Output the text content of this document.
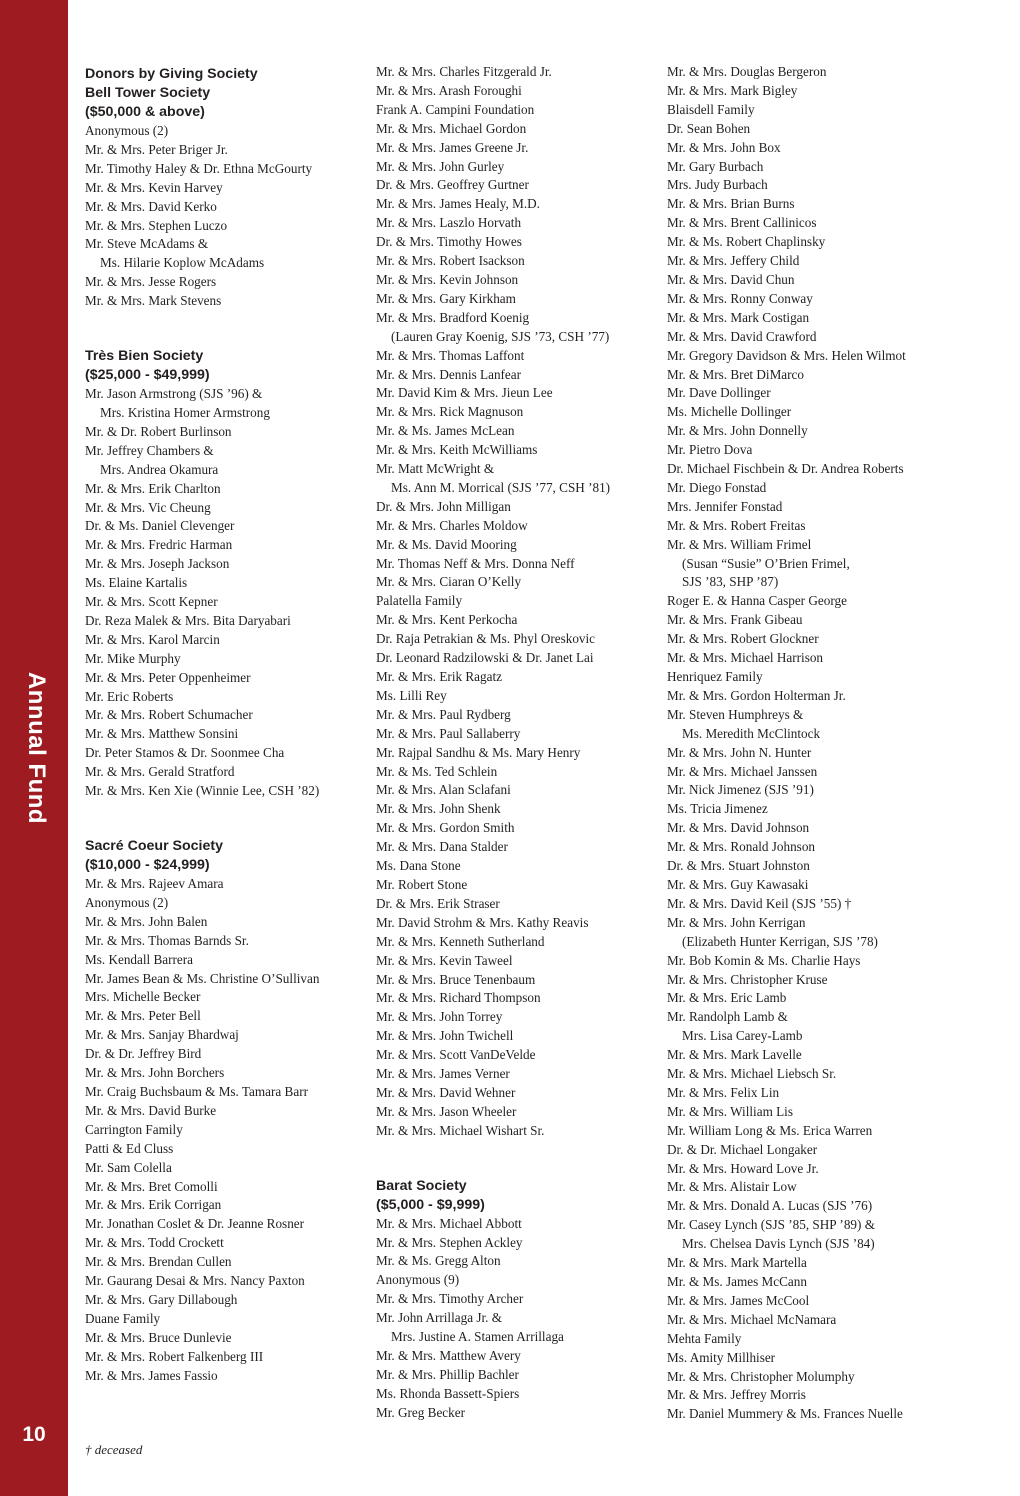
Annual Fund
10
Donors by Giving Society
Bell Tower Society
($50,000 & above)
Anonymous (2)
Mr. & Mrs. Peter Briger Jr.
Mr. Timothy Haley & Dr. Ethna McGourty
Mr. & Mrs. Kevin Harvey
Mr. & Mrs. David Kerko
Mr. & Mrs. Stephen Luczo
Mr. Steve McAdams &
Ms. Hilarie Koplow McAdams
Mr. & Mrs. Jesse Rogers
Mr. & Mrs. Mark Stevens
Très Bien Society
($25,000 - $49,999)
Mr. Jason Armstrong (SJS ’96) &
Mrs. Kristina Homer Armstrong
Mr. & Dr. Robert Burlinson
Mr. Jeffrey Chambers &
Mrs. Andrea Okamura
Mr. & Mrs. Erik Charlton
Mr. & Mrs. Vic Cheung
Dr. & Ms. Daniel Clevenger
Mr. & Mrs. Fredric Harman
Mr. & Mrs. Joseph Jackson
Ms. Elaine Kartalis
Mr. & Mrs. Scott Kepner
Dr. Reza Malek & Mrs. Bita Daryabari
Mr. & Mrs. Karol Marcin
Mr. Mike Murphy
Mr. & Mrs. Peter Oppenheimer
Mr. Eric Roberts
Mr. & Mrs. Robert Schumacher
Mr. & Mrs. Matthew Sonsini
Dr. Peter Stamos & Dr. Soonmee Cha
Mr. & Mrs. Gerald Stratford
Mr. & Mrs. Ken Xie (Winnie Lee, CSH ’82)
Sacré Coeur Society
($10,000 - $24,999)
Mr. & Mrs. Rajeev Amara
Anonymous (2)
Mr. & Mrs. John Balen
Mr. & Mrs. Thomas Barnds Sr.
Ms. Kendall Barrera
Mr. James Bean & Ms. Christine O’Sullivan
Mrs. Michelle Becker
Mr. & Mrs. Peter Bell
Mr. & Mrs. Sanjay Bhardwaj
Dr. & Dr. Jeffrey Bird
Mr. & Mrs. John Borchers
Mr. Craig Buchsbaum & Ms. Tamara Barr
Mr. & Mrs. David Burke
Carrington Family
Patti & Ed Cluss
Mr. Sam Colella
Mr. & Mrs. Bret Comolli
Mr. & Mrs. Erik Corrigan
Mr. Jonathan Coslet & Dr. Jeanne Rosner
Mr. & Mrs. Todd Crockett
Mr. & Mrs. Brendan Cullen
Mr. Gaurang Desai & Mrs. Nancy Paxton
Mr. & Mrs. Gary Dillabough
Duane Family
Mr. & Mrs. Bruce Dunlevie
Mr. & Mrs. Robert Falkenberg III
Mr. & Mrs. James Fassio
Mr. & Mrs. Charles Fitzgerald Jr.
Mr. & Mrs. Arash Foroughi
Frank A. Campini Foundation
Mr. & Mrs. Michael Gordon
Mr. & Mrs. James Greene Jr.
Mr. & Mrs. John Gurley
Dr. & Mrs. Geoffrey Gurtner
Mr. & Mrs. James Healy, M.D.
Mr. & Mrs. Laszlo Horvath
Dr. & Mrs. Timothy Howes
Mr. & Mrs. Robert Isackson
Mr. & Mrs. Kevin Johnson
Mr. & Mrs. Gary Kirkham
Mr. & Mrs. Bradford Koenig
(Lauren Gray Koenig, SJS ’73, CSH ’77)
Mr. & Mrs. Thomas Laffont
Mr. & Mrs. Dennis Lanfear
Mr. David Kim & Mrs. Jieun Lee
Mr. & Mrs. Rick Magnuson
Mr. & Ms. James McLean
Mr. & Mrs. Keith McWilliams
Mr. Matt McWright &
Ms. Ann M. Morrical (SJS ’77, CSH ’81)
Dr. & Mrs. John Milligan
Mr. & Mrs. Charles Moldow
Mr. & Ms. David Mooring
Mr. Thomas Neff & Mrs. Donna Neff
Mr. & Mrs. Ciaran O’Kelly
Palatella Family
Mr. & Mrs. Kent Perkocha
Dr. Raja Petrakian & Ms. Phyl Oreskovic
Dr. Leonard Radzilowski & Dr. Janet Lai
Mr. & Mrs. Erik Ragatz
Ms. Lilli Rey
Mr. & Mrs. Paul Rydberg
Mr. & Mrs. Paul Sallaberry
Mr. Rajpal Sandhu & Ms. Mary Henry
Mr. & Ms. Ted Schlein
Mr. & Mrs. Alan Sclafani
Mr. & Mrs. John Shenk
Mr. & Mrs. Gordon Smith
Mr. & Mrs. Dana Stalder
Ms. Dana Stone
Mr. Robert Stone
Dr. & Mrs. Erik Straser
Mr. David Strohm & Mrs. Kathy Reavis
Mr. & Mrs. Kenneth Sutherland
Mr. & Mrs. Kevin Taweel
Mr. & Mrs. Bruce Tenenbaum
Mr. & Mrs. Richard Thompson
Mr. & Mrs. John Torrey
Mr. & Mrs. John Twichell
Mr. & Mrs. Scott VanDeVelde
Mr. & Mrs. James Verner
Mr. & Mrs. David Wehner
Mr. & Mrs. Jason Wheeler
Mr. & Mrs. Michael Wishart Sr.
Barat Society
($5,000 - $9,999)
Mr. & Mrs. Michael Abbott
Mr. & Mrs. Stephen Ackley
Mr. & Ms. Gregg Alton
Anonymous (9)
Mr. & Mrs. Timothy Archer
Mr. John Arrillaga Jr. &
Mrs. Justine A. Stamen Arrillaga
Mr. & Mrs. Matthew Avery
Mr. & Mrs. Phillip Bachler
Ms. Rhonda Bassett-Spiers
Mr. Greg Becker
Mr. & Mrs. Douglas Bergeron
Mr. & Mrs. Mark Bigley
Blaisdell Family
Dr. Sean Bohen
Mr. & Mrs. John Box
Mr. Gary Burbach
Mrs. Judy Burbach
Mr. & Mrs. Brian Burns
Mr. & Mrs. Brent Callinicos
Mr. & Ms. Robert Chaplinsky
Mr. & Mrs. Jeffery Child
Mr. & Mrs. David Chun
Mr. & Mrs. Ronny Conway
Mr. & Mrs. Mark Costigan
Mr. & Mrs. David Crawford
Mr. Gregory Davidson & Mrs. Helen Wilmot
Mr. & Mrs. Bret DiMarco
Mr. Dave Dollinger
Ms. Michelle Dollinger
Mr. & Mrs. John Donnelly
Mr. Pietro Dova
Dr. Michael Fischbein & Dr. Andrea Roberts
Mr. Diego Fonstad
Mrs. Jennifer Fonstad
Mr. & Mrs. Robert Freitas
Mr. & Mrs. William Frimel
(Susan “Susie” O’Brien Frimel,
SJS ’83, SHP ’87)
Roger E. & Hanna Casper George
Mr. & Mrs. Frank Gibeau
Mr. & Mrs. Robert Glockner
Mr. & Mrs. Michael Harrison
Henriquez Family
Mr. & Mrs. Gordon Holterman Jr.
Mr. Steven Humphreys &
Ms. Meredith McClintock
Mr. & Mrs. John N. Hunter
Mr. & Mrs. Michael Janssen
Mr. Nick Jimenez (SJS ’91)
Ms. Tricia Jimenez
Mr. & Mrs. David Johnson
Mr. & Mrs. Ronald Johnson
Dr. & Mrs. Stuart Johnston
Mr. & Mrs. Guy Kawasaki
Mr. & Mrs. David Keil (SJS ’55) †
Mr. & Mrs. John Kerrigan
(Elizabeth Hunter Kerrigan, SJS ’78)
Mr. Bob Komin & Ms. Charlie Hays
Mr. & Mrs. Christopher Kruse
Mr. & Mrs. Eric Lamb
Mr. Randolph Lamb &
Mrs. Lisa Carey-Lamb
Mr. & Mrs. Mark Lavelle
Mr. & Mrs. Michael Liebsch Sr.
Mr. & Mrs. Felix Lin
Mr. & Mrs. William Lis
Mr. William Long & Ms. Erica Warren
Dr. & Dr. Michael Longaker
Mr. & Mrs. Howard Love Jr.
Mr. & Mrs. Alistair Low
Mr. & Mrs. Donald A. Lucas (SJS ’76)
Mr. Casey Lynch (SJS ’85, SHP ’89) &
Mrs. Chelsea Davis Lynch (SJS ’84)
Mr. & Mrs. Mark Martella
Mr. & Ms. James McCann
Mr. & Mrs. James McCool
Mr. & Mrs. Michael McNamara
Mehta Family
Ms. Amity Millhiser
Mr. & Mrs. Christopher Molumphy
Mr. & Mrs. Jeffrey Morris
Mr. Daniel Mummery & Ms. Frances Nuelle
† deceased
